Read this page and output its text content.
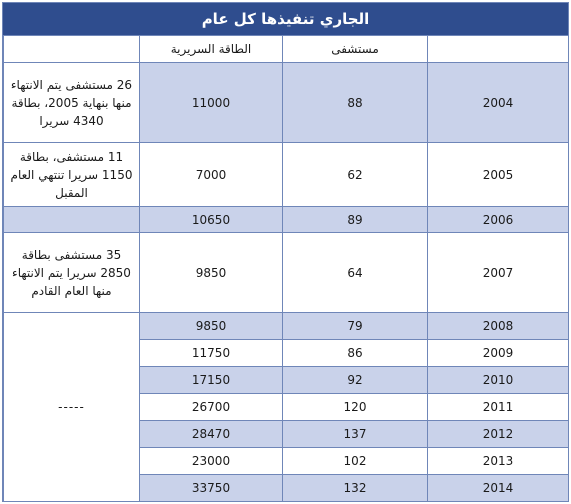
الجاري تنفيذها كل عام
	الطاقة السريرية	مستشفى	
26 مستشفى يتم الانتهاء منها بنهاية 2005، بطاقة 4340 سريرا	11000	88	2004
11 مستشفى، بطاقة 1150 سريرا تنتهي العام المقبل	7000	62	2005
	10650	89	2006
35 مستشفى بطاقة 2850 سريرا يتم الانتهاء منها العام القادم	9850	64	2007
-----	9850	79	2008
	11750	86	2009
	17150	92	2010
	26700	120	2011
	28470	137	2012
	23000	102	2013
	33750	132	2014
